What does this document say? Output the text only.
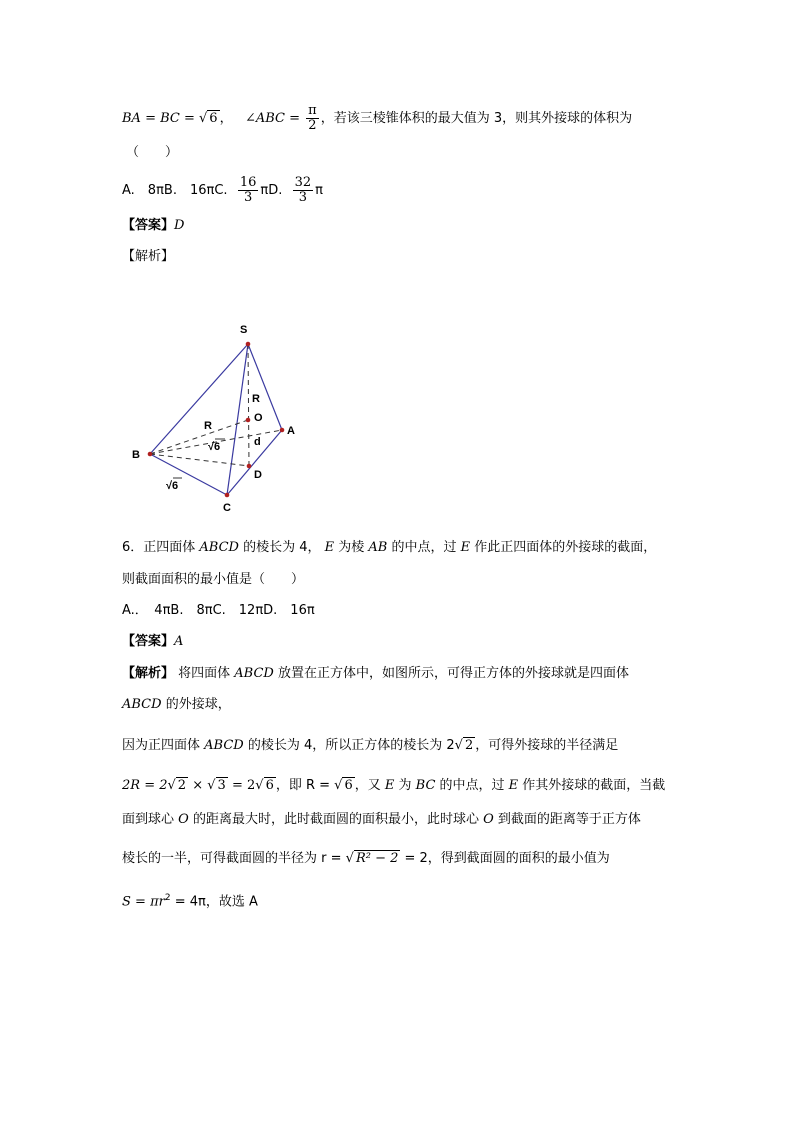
BA = BC = √ 6 ，   ∠ABC = $\frac{\pi}{2}$ ，若该三棱锥体积的最大值为 3，则其外接球的体积为
（　　）
A.　8πB.　16πC. $\frac{16}{3} \pi D$. $\frac{32}{3}$ π
【答案】D
【解析】
S
B
C
A
D
R
O
R
d
√6
√6
6．正四面体 ABCD 的棱长为 4， E 为棱 AB 的中点，过 E 作此正四面体的外接球的截面，
则截面面积的最小值是（　　）
A.．　4πB.　8πC.　12πD.　16π
【答案】A
【解析】 将四面体 ABCD 放置在正方体中，如图所示，可得正方体的外接球就是四面体
ABCD 的外接球，
因为正四面体 ABCD 的棱长为 4，所以正方体的棱长为 2√ 2 ，可得外接球的半径满足
2R = 2√ 2 × √ 3 = 2√ 6 ，即 R = √ 6 ，又 E 为 BC 的中点，过 E 作其外接球的截面，当截
面到球心 O 的距离最大时，此时截面圆的面积最小，此时球心 O 到截面的距离等于正方体
棱长的一半，可得截面圆的半径为 r = √ R² − 2 = 2，得到截面圆的面积的最小值为
$S = \pi r^2 = 4\pi$，故选 A
